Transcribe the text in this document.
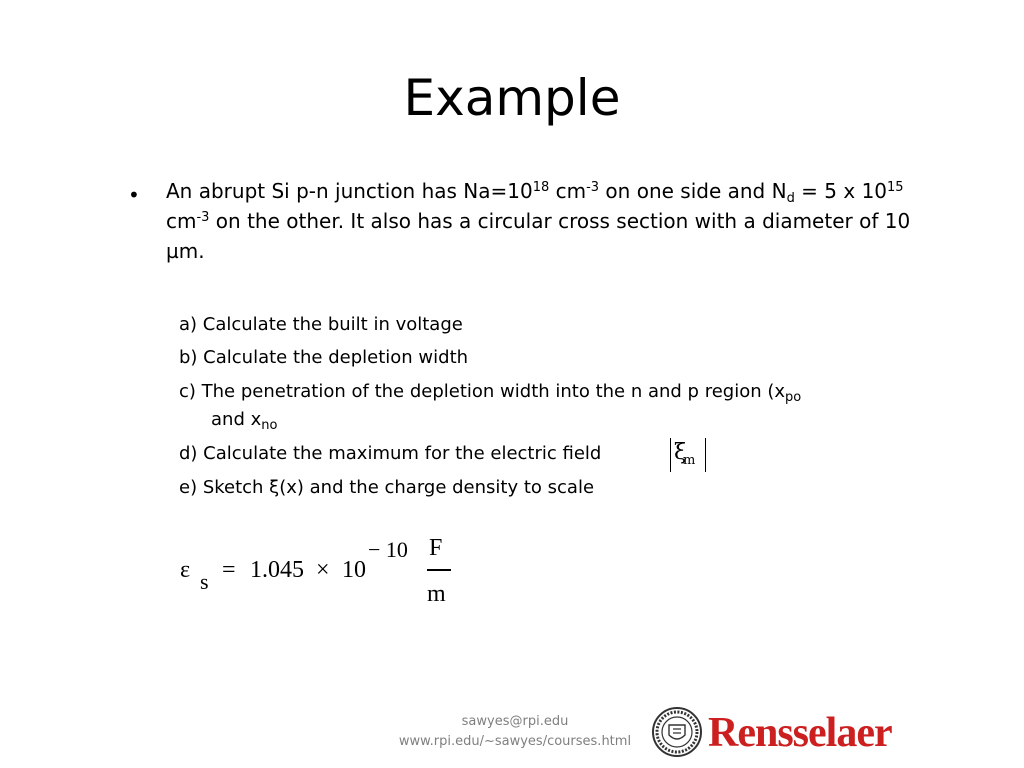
Example
• An abrupt Si p-n junction has $Na=10^{18}$ $cm^{-3}$ on one side and $N_d = 5$ x $10^{15}$ $cm^{-3}$ on the other. It also has a circular cross section with a diameter of 10 µm.
a) Calculate the built in voltage
b) Calculate the depletion width
c) The penetration of the depletion width into the n and p region ($x_{po}$
and $x_{no}$
d) Calculate the maximum for the electric field	ξ
m
e) Sketch ξ(x) and the charge density to scale
ε s = 1.045 × 10
− 10 F
m
sawyes@rpi.edu
www.rpi.edu/~sawyes/courses.html	Rensselaer
